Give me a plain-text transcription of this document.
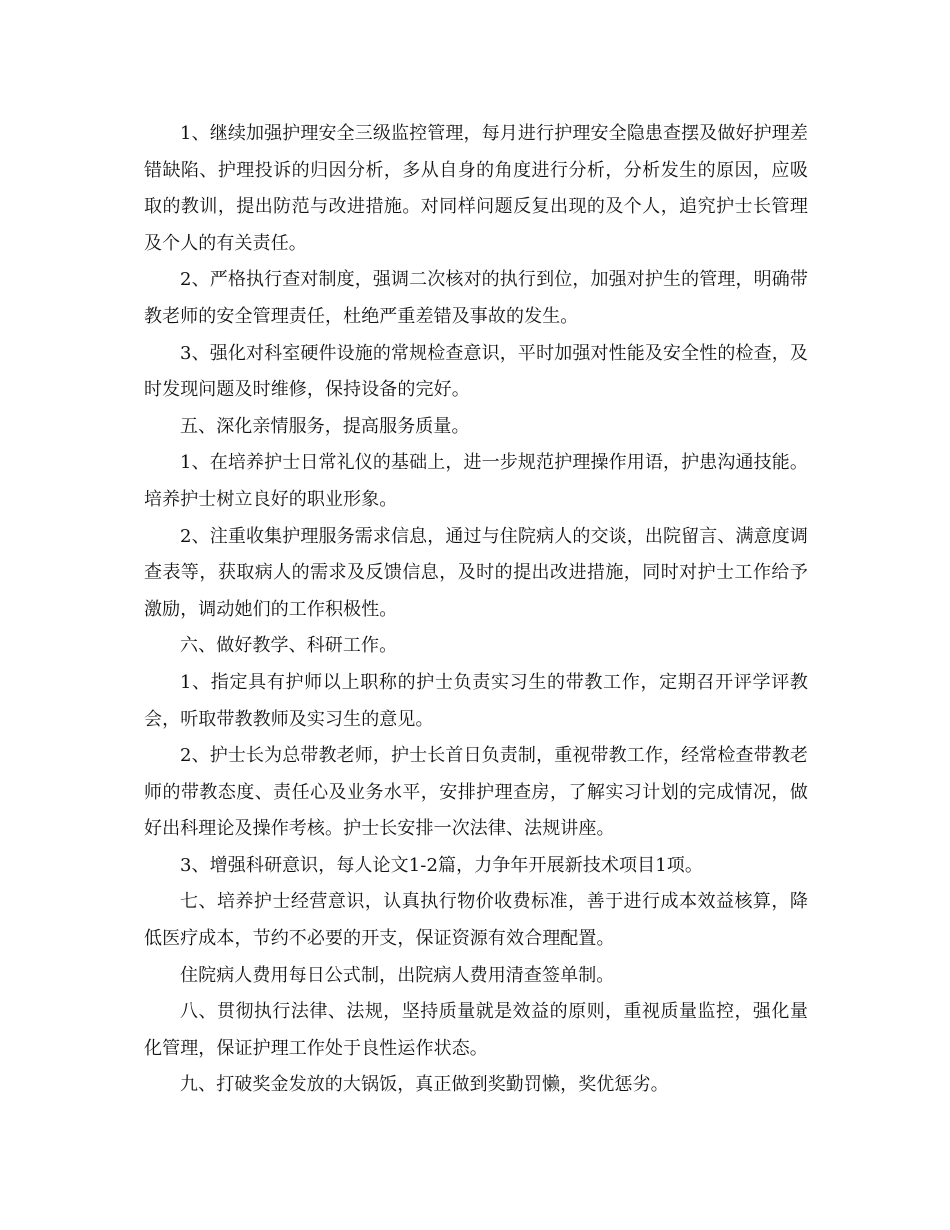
1、继续加强护理安全三级监控管理，每月进行护理安全隐患查摆及做好护理差错缺陷、护理投诉的归因分析，多从自身的角度进行分析，分析发生的原因，应吸取的教训，提出防范与改进措施。对同样问题反复出现的及个人，追究护士长管理及个人的有关责任。

2、严格执行查对制度，强调二次核对的执行到位，加强对护生的管理，明确带教老师的安全管理责任，杜绝严重差错及事故的发生。

3、强化对科室硬件设施的常规检查意识，平时加强对性能及安全性的检查，及时发现问题及时维修，保持设备的完好。

五、深化亲情服务，提高服务质量。

1、在培养护士日常礼仪的基础上，进一步规范护理操作用语，护患沟通技能。培养护士树立良好的职业形象。

2、注重收集护理服务需求信息，通过与住院病人的交谈，出院留言、满意度调查表等，获取病人的需求及反馈信息，及时的提出改进措施，同时对护士工作给予激励，调动她们的工作积极性。

六、做好教学、科研工作。

1、指定具有护师以上职称的护士负责实习生的带教工作，定期召开评学评教会，听取带教教师及实习生的意见。

2、护士长为总带教老师，护士长首日负责制，重视带教工作，经常检查带教老师的带教态度、责任心及业务水平，安排护理查房，了解实习计划的完成情况，做好出科理论及操作考核。护士长安排一次法律、法规讲座。

3、增强科研意识，每人论文1-2篇，力争年开展新技术项目1项。

七、培养护士经营意识，认真执行物价收费标准，善于进行成本效益核算，降低医疗成本，节约不必要的开支，保证资源有效合理配置。

住院病人费用每日公式制，出院病人费用清查签单制。

八、贯彻执行法律、法规，坚持质量就是效益的原则，重视质量监控，强化量化管理，保证护理工作处于良性运作状态。

九、打破奖金发放的大锅饭，真正做到奖勤罚懒，奖优惩劣。
